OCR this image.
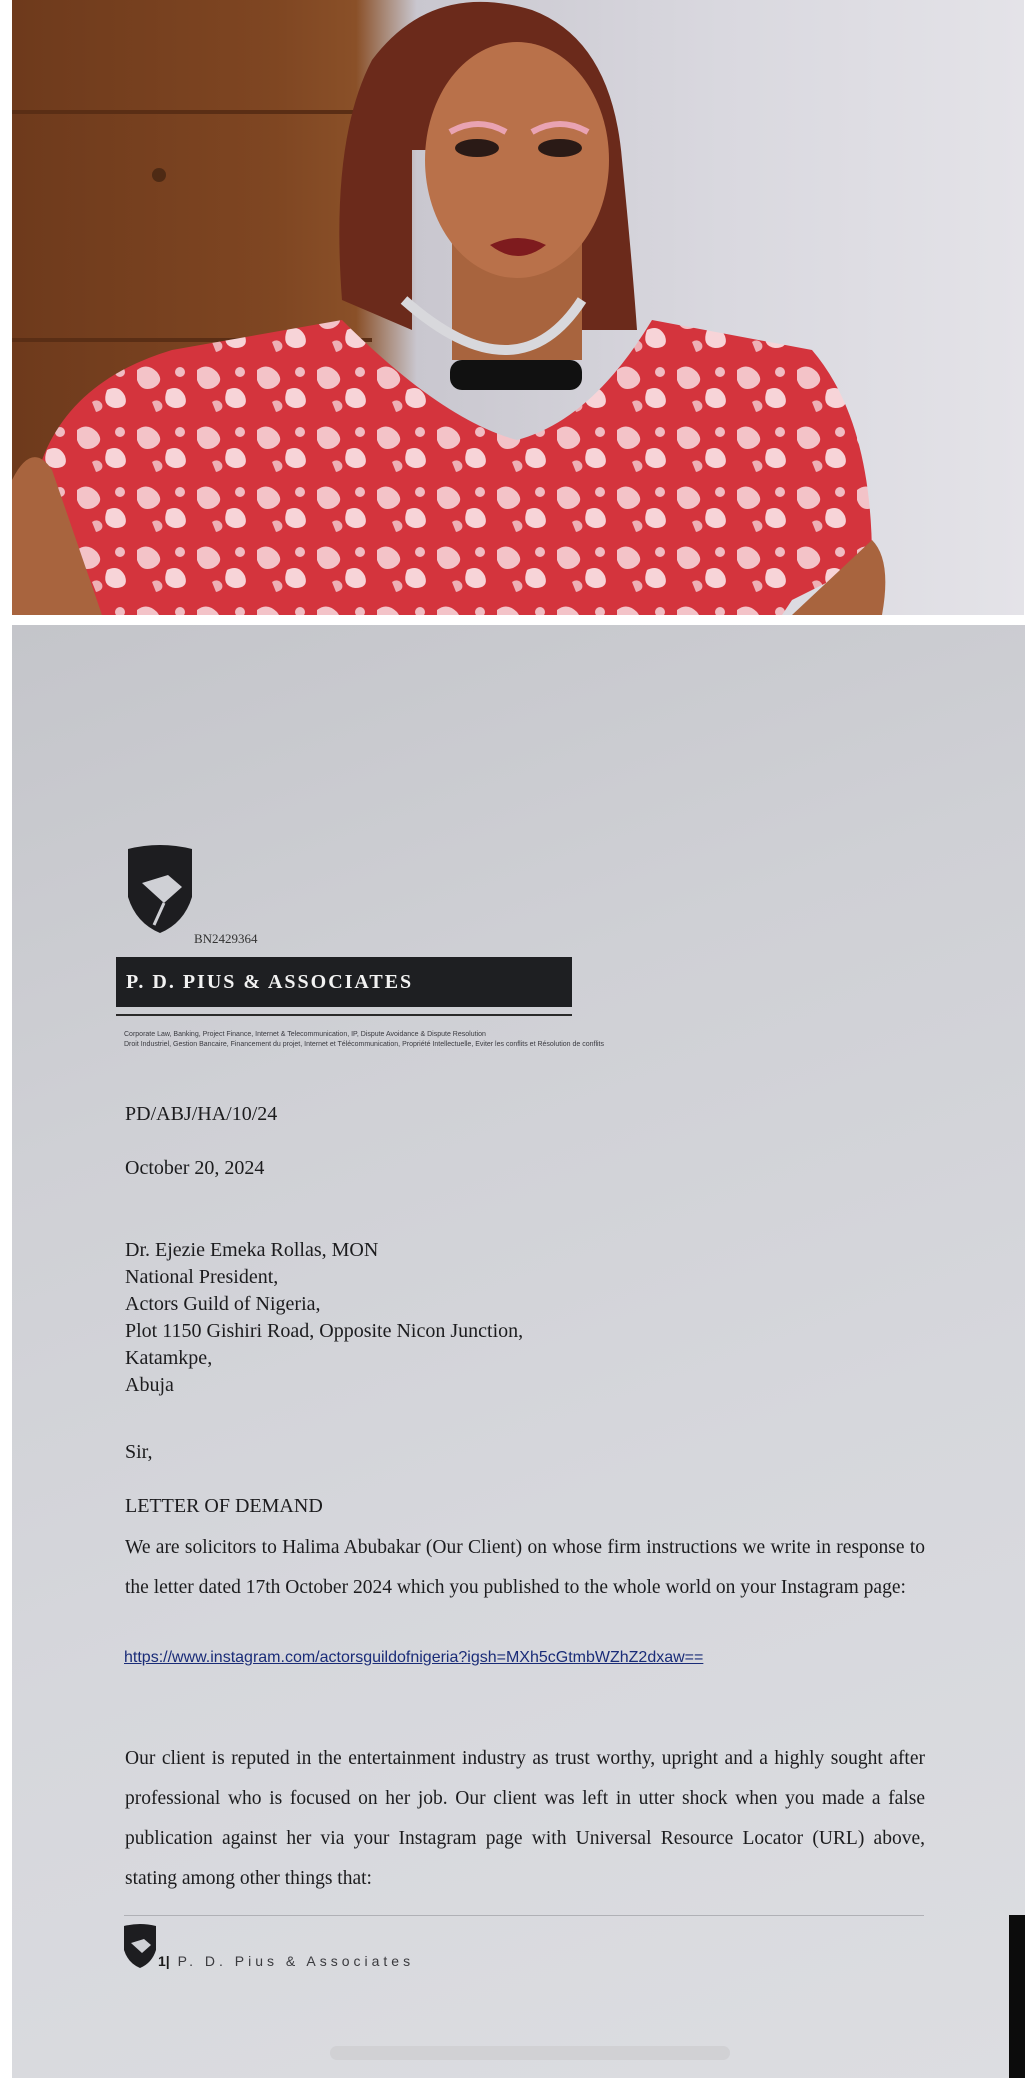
BN2429364
P. D. PIUS & ASSOCIATES
Corporate Law, Banking, Project Finance, Internet & Telecommunication, IP, Dispute Avoidance & Dispute Resolution
Droit Industriel, Gestion Bancaire, Financement du projet, Internet et Télécommunication, Propriété Intellectuelle, Eviter les conflits et Résolution de conflits
PD/ABJ/HA/10/24
October 20, 2024
Dr. Ejezie Emeka Rollas, MON
National President,
Actors Guild of Nigeria,
Plot 1150 Gishiri Road, Opposite Nicon Junction,
Katamkpe,
Abuja
Sir,
LETTER OF DEMAND
We are solicitors to Halima Abubakar (Our Client) on whose firm instructions we write in response to the letter dated 17th October 2024 which you published to the whole world on your Instagram page:
https://www.instagram.com/actorsguildofnigeria?igsh=MXh5cGtmbWZhZ2dxaw==
Our client is reputed in the entertainment industry as trust worthy, upright and a highly sought after professional who is focused on her job. Our client was left in utter shock when you made a false publication against her via your Instagram page with Universal Resource Locator (URL) above, stating among other things that:
1| P. D. Pius & Associates
